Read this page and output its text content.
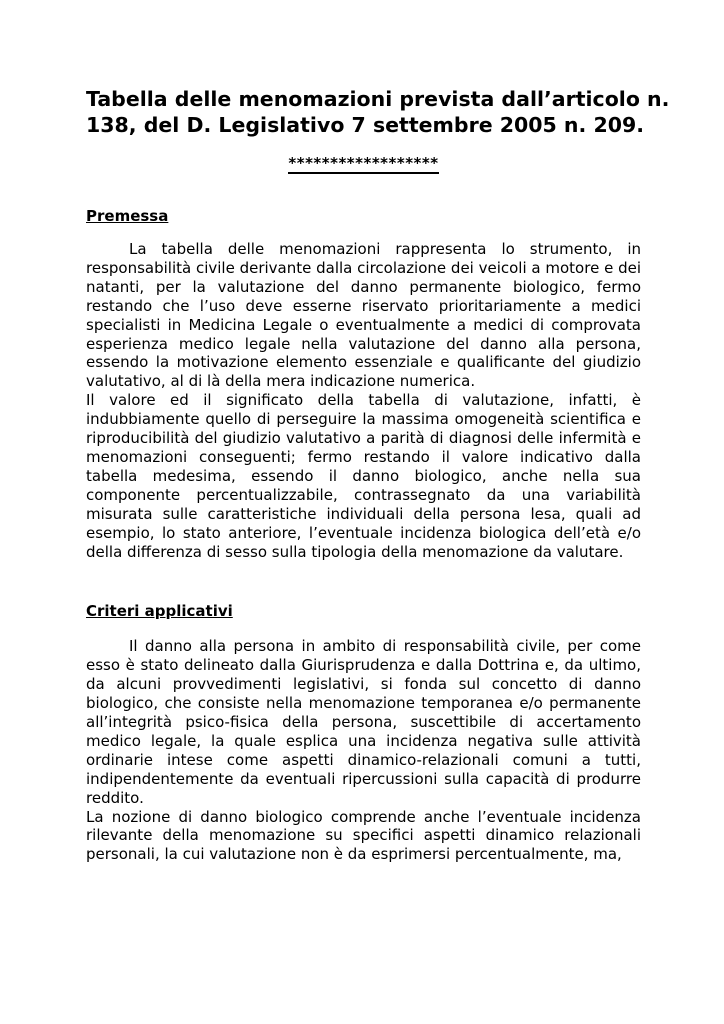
Tabella delle menomazioni prevista dall’articolo n.
138, del D. Legislativo 7 settembre 2005 n. 209.
******************
Premessa

La tabella delle menomazioni rappresenta lo strumento, in responsabilità civile derivante dalla circolazione dei veicoli a motore e dei natanti, per la valutazione del danno permanente biologico, fermo restando che l’uso deve esserne riservato prioritariamente a medici specialisti in Medicina Legale o eventualmente a medici di comprovata esperienza medico legale nella valutazione del danno alla persona, essendo la motivazione elemento essenziale e qualificante del giudizio valutativo, al di là della mera indicazione numerica.

Il valore ed il significato della tabella di valutazione, infatti, è indubbiamente quello di perseguire la massima omogeneità scientifica e riproducibilità del giudizio valutativo a parità di diagnosi delle infermità e menomazioni conseguenti; fermo restando il valore indicativo dalla tabella medesima, essendo il danno biologico, anche nella sua componente percentualizzabile, contrassegnato da una variabilità misurata sulle caratteristiche individuali della persona lesa, quali ad esempio, lo stato anteriore, l’eventuale incidenza biologica dell’età e/o della differenza di sesso sulla tipologia della menomazione da valutare.

Criteri applicativi

Il danno alla persona in ambito di responsabilità civile, per come esso è stato delineato dalla Giurisprudenza e dalla Dottrina e, da ultimo, da alcuni provvedimenti legislativi, si fonda sul concetto di danno biologico, che consiste nella menomazione temporanea e/o permanente all’integrità psico-fisica della persona, suscettibile di accertamento medico legale, la quale esplica una incidenza negativa sulle attività ordinarie intese come aspetti dinamico-relazionali comuni a tutti, indipendentemente da eventuali ripercussioni sulla capacità di produrre reddito.

La nozione di danno biologico comprende anche l’eventuale incidenza rilevante della menomazione su specifici aspetti dinamico relazionali personali, la cui valutazione non è da esprimersi percentualmente, ma,
